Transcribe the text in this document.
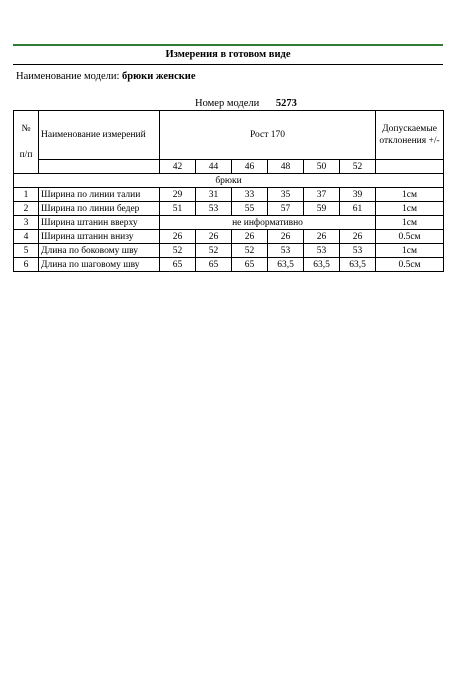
Измерения в готовом виде
Наименование модели: брюки женские
Номер модели 5273
№
п/п	Наименование измерений	Рост 170						Допускаемые отклонения +/-
		42	44	46	48	50	52	
брюки								
1	Ширина по линии талии	29	31	33	35	37	39	1см
2	Ширина по линии бедер	51	53	55	57	59	61	1см
3	Ширина штанин вверху	не информативно						1см
4	Ширина штанин внизу	26	26	26	26	26	26	0.5см
5	Длина по боковому шву	52	52	52	53	53	53	1см
6	Длина по шаговому шву	65	65	65	63,5	63,5	63,5	0.5см
